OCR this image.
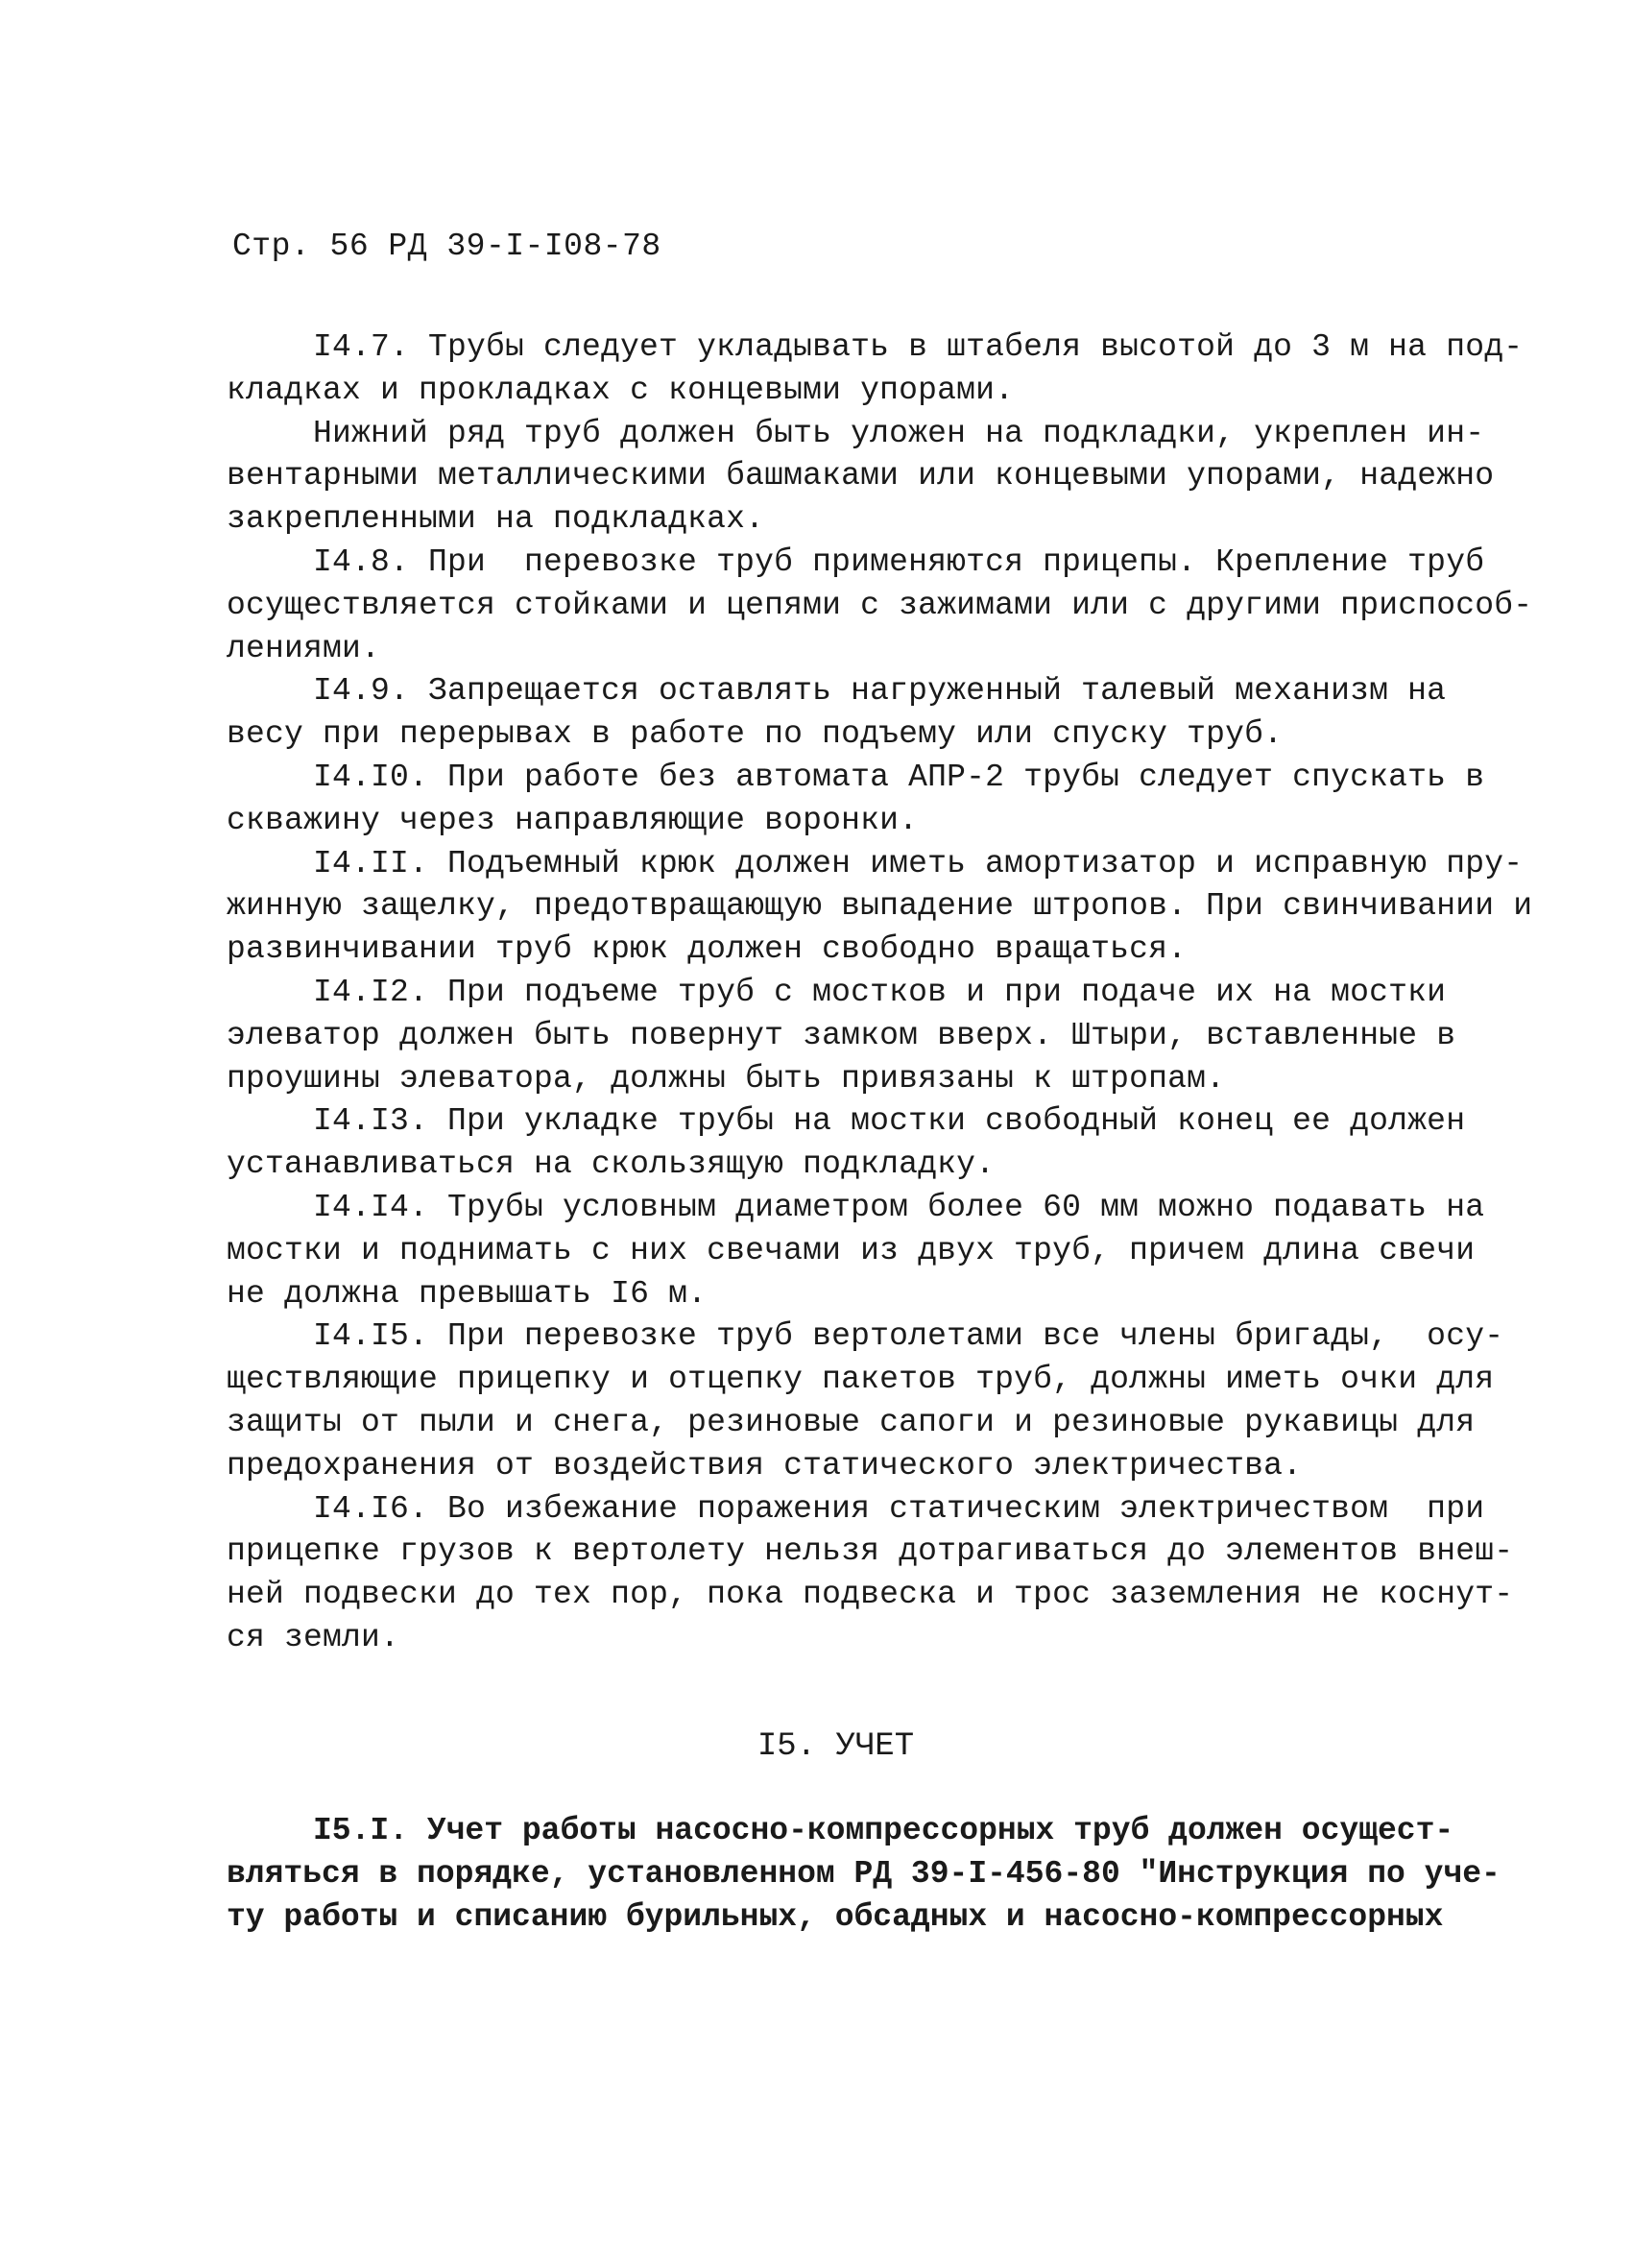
Стр. 56 РД 39-I-I08-78

I4.7. Трубы следует укладывать в штабеля высотой до 3 м на под-
кладках и прокладках с концевыми упорами.

Нижний ряд труб должен быть уложен на подкладки, укреплен ин-
вентарными металлическими башмаками или концевыми упорами, надежно
закрепленными на подкладках.

I4.8. При  перевозке труб применяются прицепы. Крепление труб
осуществляется стойками и цепями с зажимами или с другими приспособ-
лениями.

I4.9. Запрещается оставлять нагруженный талевый механизм на
весу при перерывах в работе по подъему или спуску труб.

I4.I0. При работе без автомата АПР-2 трубы следует спускать в
скважину через направляющие воронки.

I4.II. Подъемный крюк должен иметь амортизатор и исправную пру-
жинную защелку, предотвращающую выпадение штропов. При свинчивании и
развинчивании труб крюк должен свободно вращаться.

I4.I2. При подъеме труб с мостков и при подаче их на мостки
элеватор должен быть повернут замком вверх. Штыри, вставленные в
проушины элеватора, должны быть привязаны к штропам.

I4.I3. При укладке трубы на мостки свободный конец ее должен
устанавливаться на скользящую подкладку.

I4.I4. Трубы условным диаметром более 60 мм можно подавать на
мостки и поднимать с них свечами из двух труб, причем длина свечи
не должна превышать I6 м.

I4.I5. При перевозке труб вертолетами все члены бригады,  осу-
ществляющие прицепку и отцепку пакетов труб, должны иметь очки для
защиты от пыли и снега, резиновые сапоги и резиновые рукавицы для
предохранения от воздействия статического электричества.

I4.I6. Во избежание поражения статическим электричеством  при
прицепке грузов к вертолету нельзя дотрагиваться до элементов внеш-
ней подвески до тех пор, пока подвеска и трос заземления не коснут-
ся земли.

I5. УЧЕТ
I5.I. Учет работы насосно-компрессорных труб должен осущест-
вляться в порядке, установленном РД 39-I-456-80 "Инструкция по уче-
ту работы и списанию бурильных, обсадных и насосно-компрессорных
